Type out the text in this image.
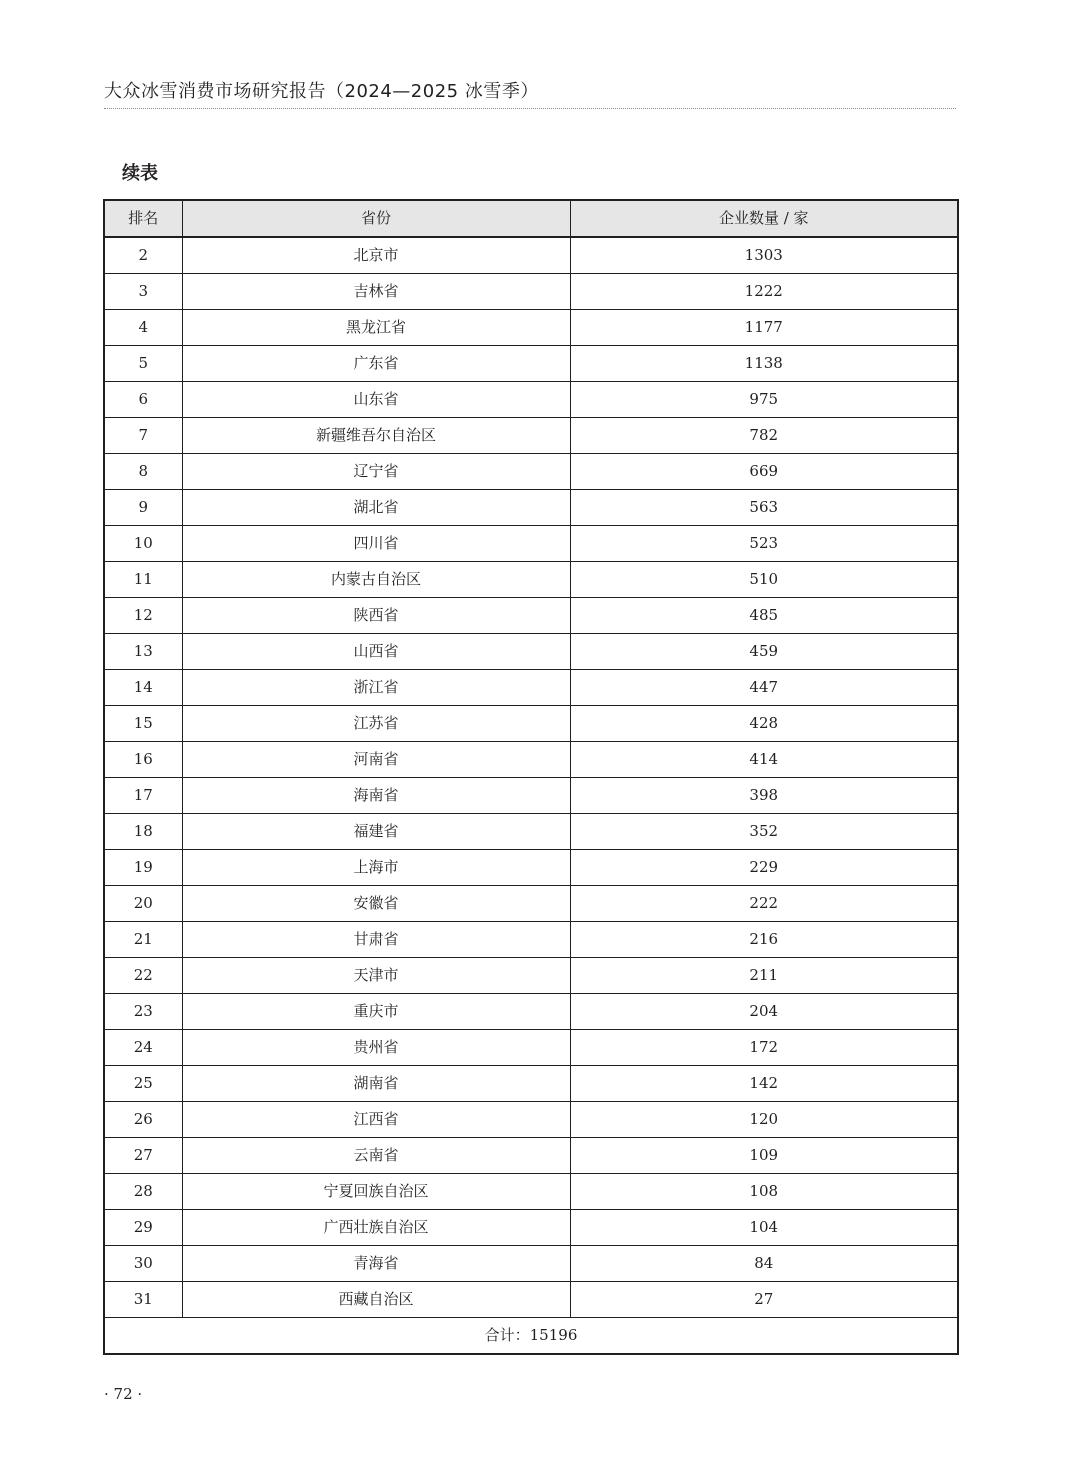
大众冰雪消费市场研究报告（2024—2025 冰雪季）
续表
排名	省份	企业数量 / 家
2	北京市	1303
3	吉林省	1222
4	黑龙江省	1177
5	广东省	1138
6	山东省	975
7	新疆维吾尔自治区	782
8	辽宁省	669
9	湖北省	563
10	四川省	523
11	内蒙古自治区	510
12	陕西省	485
13	山西省	459
14	浙江省	447
15	江苏省	428
16	河南省	414
17	海南省	398
18	福建省	352
19	上海市	229
20	安徽省	222
21	甘肃省	216
22	天津市	211
23	重庆市	204
24	贵州省	172
25	湖南省	142
26	江西省	120
27	云南省	109
28	宁夏回族自治区	108
29	广西壮族自治区	104
30	青海省	84
31	西藏自治区	27
合计：15196		
· 72 ·
